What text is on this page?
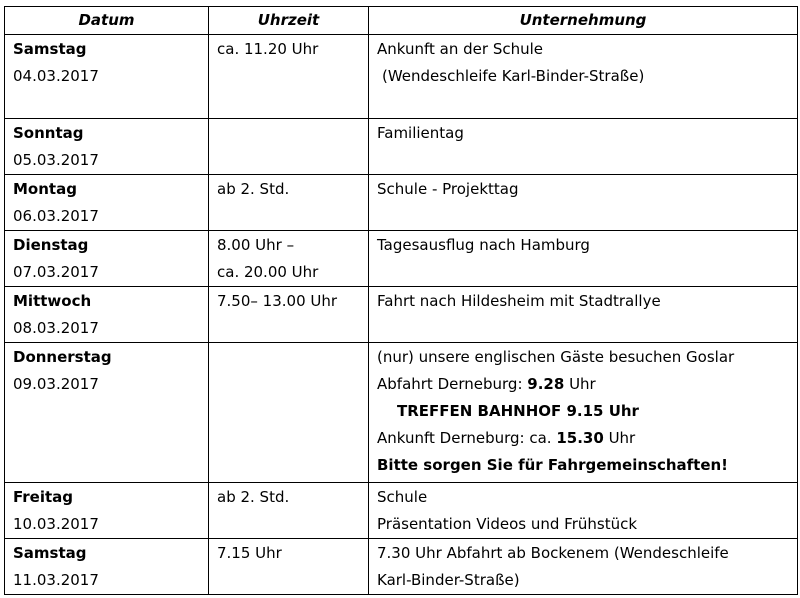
Datum	Uhrzeit	Unternehmung

Samstag
04.03.2017	ca. 11.20 Uhr	Ankunft an der Schule
(Wendeschleife Karl-Binder-Straße)

Sonntag
05.03.2017		Familientag

Montag
06.03.2017	ab 2. Std.	Schule - Projekttag

Dienstag
07.03.2017	8.00 Uhr –
ca. 20.00 Uhr	Tagesausflug nach Hamburg

Mittwoch
08.03.2017	7.50– 13.00 Uhr	Fahrt nach Hildesheim mit Stadtrallye

Donnerstag
09.03.2017		(nur) unsere englischen Gäste besuchen Goslar
Abfahrt Derneburg: 9.28 Uhr
TREFFEN BAHNHOF 9.15 Uhr
Ankunft Derneburg: ca. 15.30 Uhr
Bitte sorgen Sie für Fahrgemeinschaften!

Freitag
10.03.2017	ab 2. Std.	Schule
Präsentation Videos und Frühstück

Samstag
11.03.2017	7.15 Uhr	7.30 Uhr Abfahrt ab Bockenem (Wendeschleife
Karl-Binder-Straße)
